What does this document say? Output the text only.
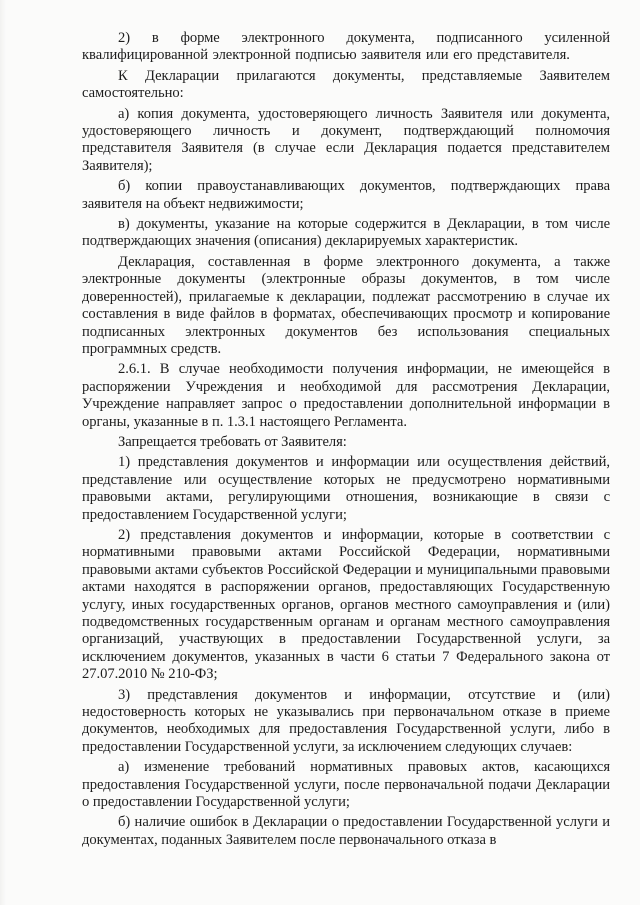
2) в форме электронного документа, подписанного усиленной квалифицированной электронной подписью заявителя или его представителя.

К Декларации прилагаются документы, представляемые Заявителем самостоятельно:

а) копия документа, удостоверяющего личность Заявителя или документа, удостоверяющего личность и документ, подтверждающий полномочия представителя Заявителя (в случае если Декларация подается представителем Заявителя);

б) копии правоустанавливающих документов, подтверждающих права заявителя на объект недвижимости;

в) документы, указание на которые содержится в Декларации, в том числе подтверждающих значения (описания) декларируемых характеристик.

Декларация, составленная в форме электронного документа, а также электронные документы (электронные образы документов, в том числе доверенностей), прилагаемые к декларации, подлежат рассмотрению в случае их составления в виде файлов в форматах, обеспечивающих просмотр и копирование подписанных электронных документов без использования специальных программных средств.

2.6.1. В случае необходимости получения информации, не имеющейся в распоряжении Учреждения и необходимой для рассмотрения Декларации, Учреждение направляет запрос о предоставлении дополнительной информации в органы, указанные в п. 1.3.1 настоящего Регламента.

Запрещается требовать от Заявителя:

1) представления документов и информации или осуществления действий, представление или осуществление которых не предусмотрено нормативными правовыми актами, регулирующими отношения, возникающие в связи с предоставлением Государственной услуги;

2) представления документов и информации, которые в соответствии с нормативными правовыми актами Российской Федерации, нормативными правовыми актами субъектов Российской Федерации и муниципальными правовыми актами находятся в распоряжении органов, предоставляющих Государственную услугу, иных государственных органов, органов местного самоуправления и (или) подведомственных государственным органам и органам местного самоуправления организаций, участвующих в предоставлении Государственной услуги, за исключением документов, указанных в части 6 статьи 7 Федерального закона от 27.07.2010 № 210-ФЗ;

3) представления документов и информации, отсутствие и (или) недостоверность которых не указывались при первоначальном отказе в приеме документов, необходимых для предоставления Государственной услуги, либо в предоставлении Государственной услуги, за исключением следующих случаев:

а) изменение требований нормативных правовых актов, касающихся предоставления Государственной услуги, после первоначальной подачи Декларации о предоставлении Государственной услуги;

б) наличие ошибок в Декларации о предоставлении Государственной услуги и документах, поданных Заявителем после первоначального отказа в
